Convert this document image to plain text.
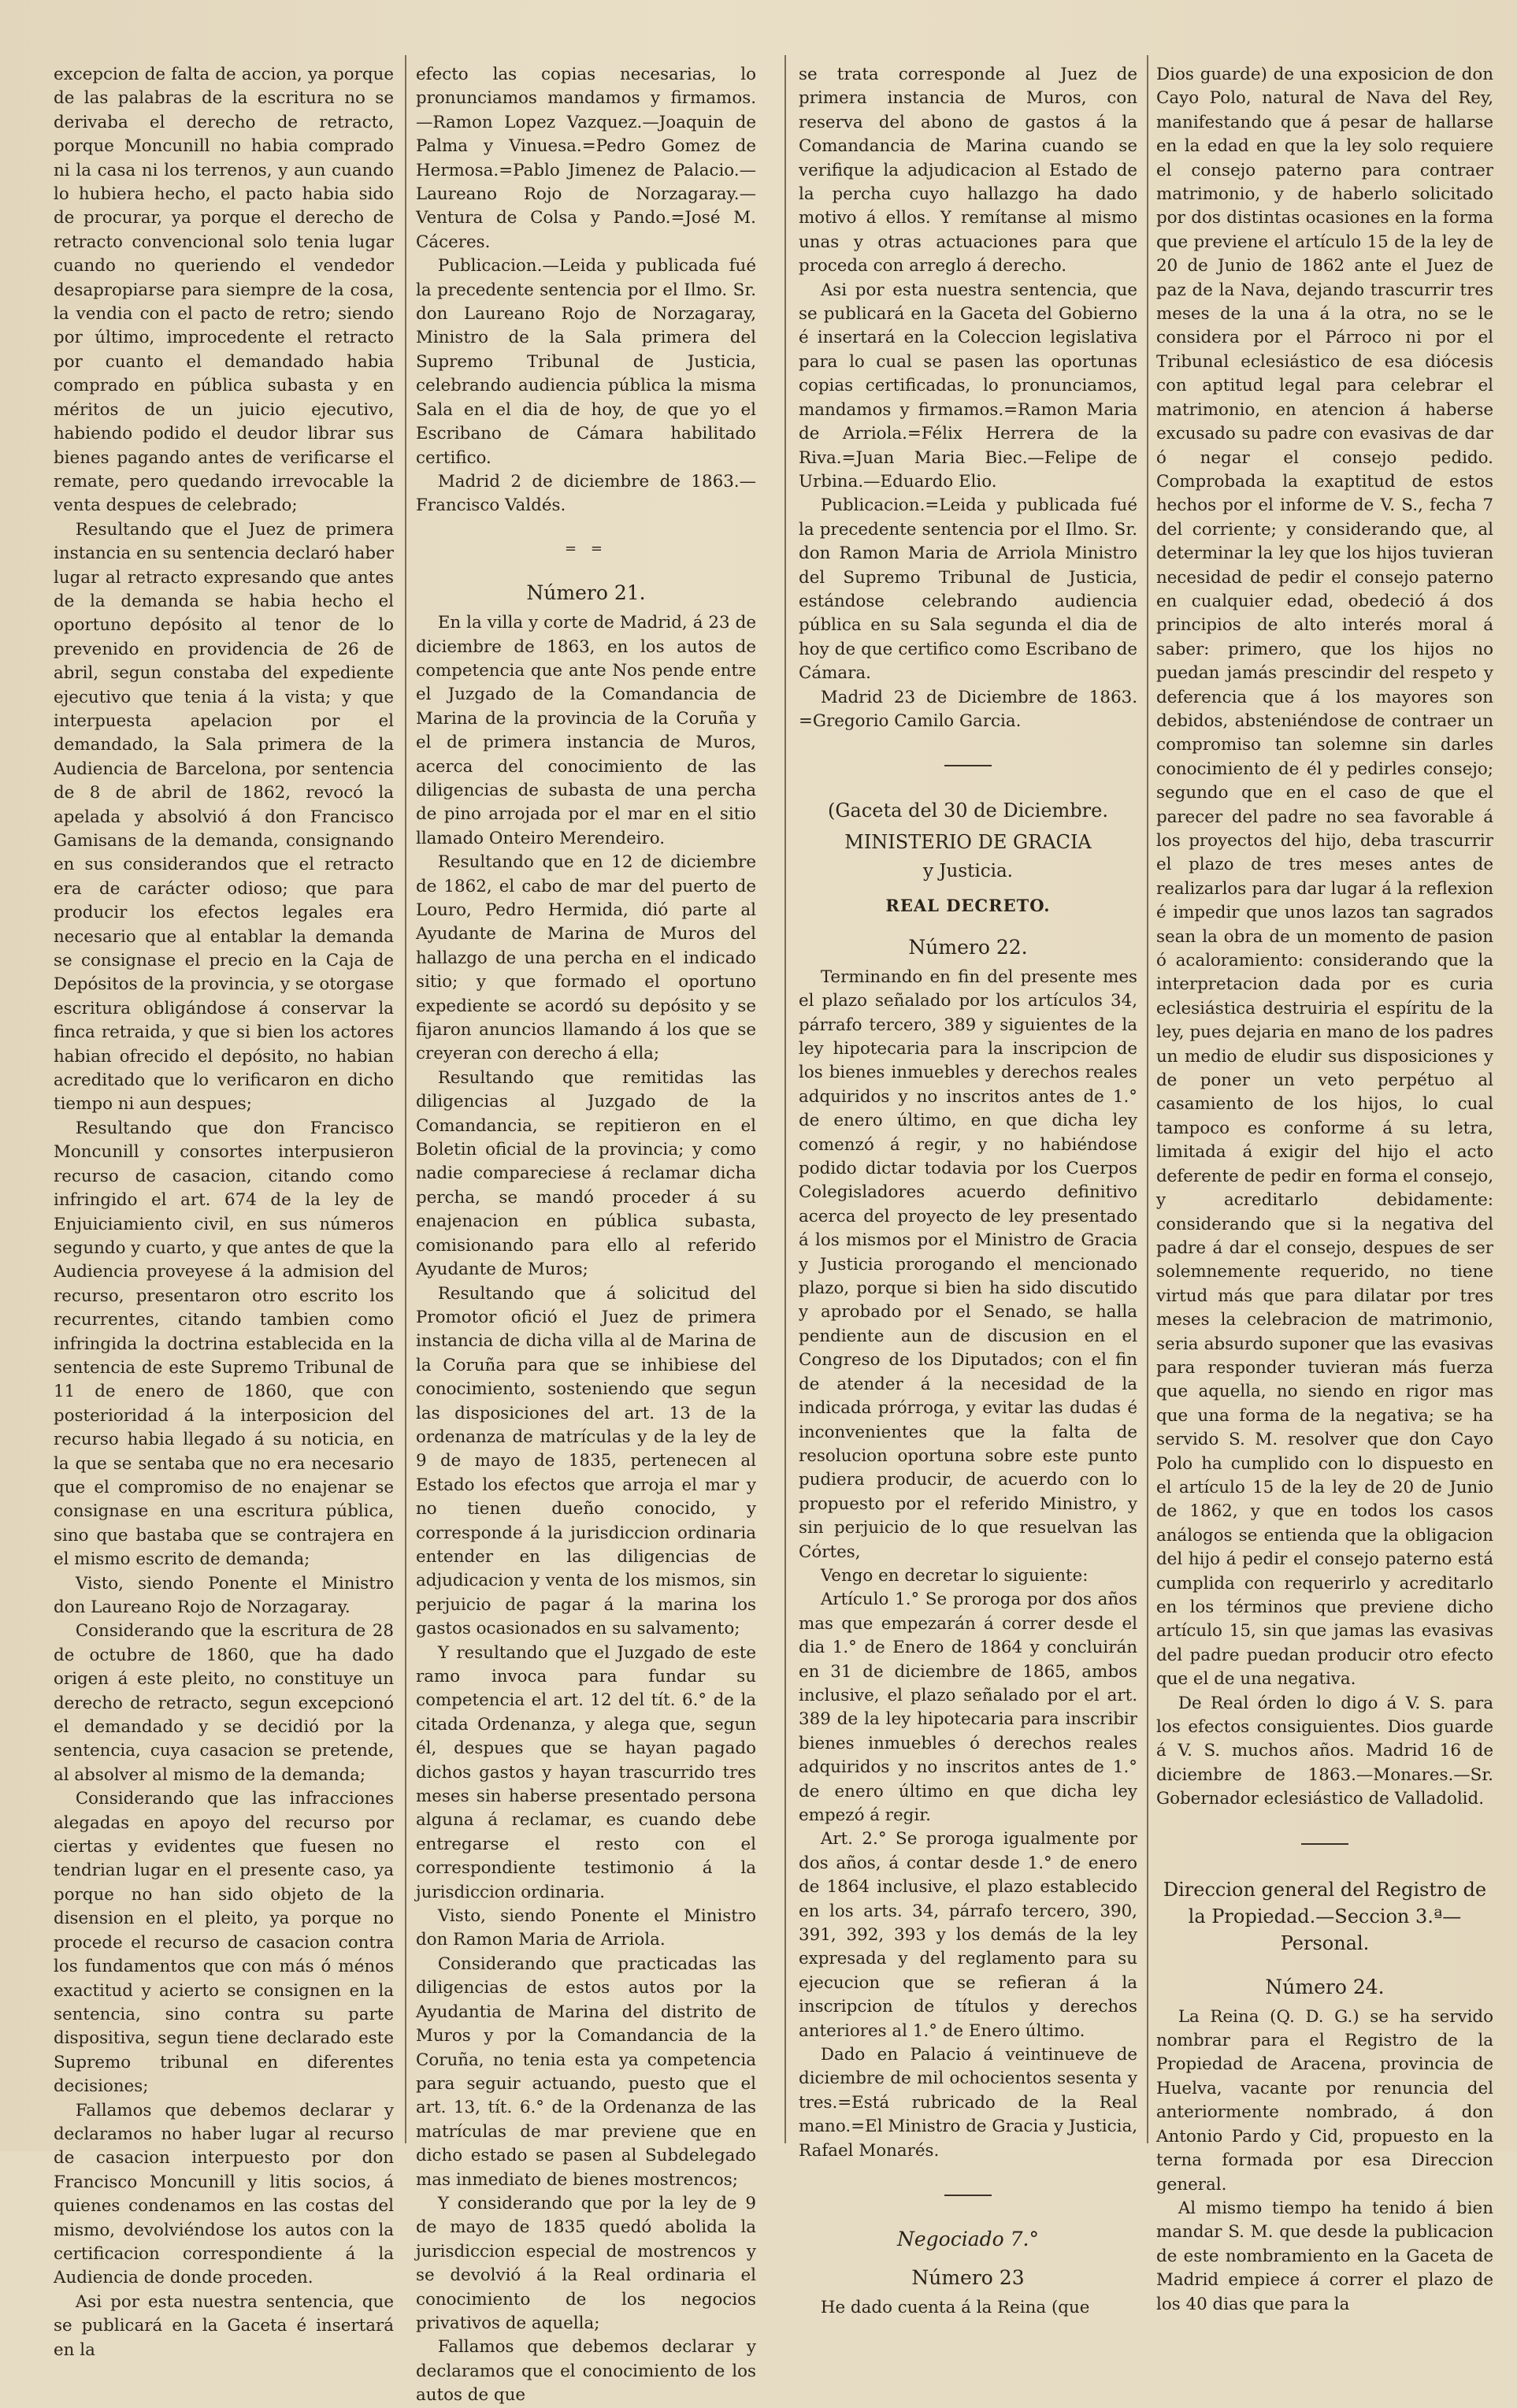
excepcion de falta de accion, ya porque de las palabras de la escritura no se derivaba el derecho de retracto, porque Moncunill no habia comprado ni la casa ni los terrenos, y aun cuando lo hubiera hecho, el pacto habia sido de procurar, ya porque el derecho de retracto convencional solo tenia lugar cuando no queriendo el vendedor desapropiarse para siempre de la cosa, la vendia con el pacto de retro; siendo por último, improcedente el retracto por cuanto el demandado habia comprado en pública subasta y en méritos de un juicio ejecutivo, habiendo podido el deudor librar sus bienes pagando antes de verificarse el remate, pero quedando irrevocable la venta despues de celebrado;

Resultando que el Juez de primera instancia en su sentencia declaró haber lugar al retracto expresando que antes de la demanda se habia hecho el oportuno depósito al tenor de lo prevenido en providencia de 26 de abril, segun constaba del expediente ejecutivo que tenia á la vista; y que interpuesta apelacion por el demandado, la Sala primera de la Audiencia de Barcelona, por sentencia de 8 de abril de 1862, revocó la apelada y absolvió á don Francisco Gamisans de la demanda, consignando en sus considerandos que el retracto era de carácter odioso; que para producir los efectos legales era necesario que al entablar la demanda se consignase el precio en la Caja de Depósitos de la provincia, y se otorgase escritura obligándose á conservar la finca retraida, y que si bien los actores habian ofrecido el depósito, no habian acreditado que lo verificaron en dicho tiempo ni aun despues;

Resultando que don Francisco Moncunill y consortes interpusieron recurso de casacion, citando como infringido el art. 674 de la ley de Enjuiciamiento civil, en sus números segundo y cuarto, y que antes de que la Audiencia proveyese á la admision del recurso, presentaron otro escrito los recurrentes, citando tambien como infringida la doctrina establecida en la sentencia de este Supremo Tribunal de 11 de enero de 1860, que con posterioridad á la interposicion del recurso habia llegado á su noticia, en la que se sentaba que no era necesario que el compromiso de no enajenar se consignase en una escritura pública, sino que bastaba que se contrajera en el mismo escrito de demanda;

Visto, siendo Ponente el Ministro don Laureano Rojo de Norzagaray.

Considerando que la escritura de 28 de octubre de 1860, que ha dado origen á este pleito, no constituye un derecho de retracto, segun excepcionó el demandado y se decidió por la sentencia, cuya casacion se pretende, al absolver al mismo de la demanda;

Considerando que las infracciones alegadas en apoyo del recurso por ciertas y evidentes que fuesen no tendrian lugar en el presente caso, ya porque no han sido objeto de la disension en el pleito, ya porque no procede el recurso de casacion contra los fundamentos que con más ó ménos exactitud y acierto se consignen en la sentencia, sino contra su parte dispositiva, segun tiene declarado este Supremo tribunal en diferentes decisiones;

Fallamos que debemos declarar y declaramos no haber lugar al recurso de casacion interpuesto por don Francisco Moncunill y litis socios, á quienes condenamos en las costas del mismo, devolviéndose los autos con la certificacion correspondiente á la Audiencia de donde proceden.

Asi por esta nuestra sentencia, que se publicará en la Gaceta é insertará en la

efecto las copias necesarias, lo pronunciamos mandamos y firmamos.—Ramon Lopez Vazquez.—Joaquin de Palma y Vinuesa.=Pedro Gomez de Hermosa.=Pablo Jimenez de Palacio.—Laureano Rojo de Norzagaray.—Ventura de Colsa y Pando.=José M. Cáceres.

Publicacion.—Leida y publicada fué la precedente sentencia por el Ilmo. Sr. don Laureano Rojo de Norzagaray, Ministro de la Sala primera del Supremo Tribunal de Justicia, celebrando audiencia pública la misma Sala en el dia de hoy, de que yo el Escribano de Cámara habilitado certifico.

Madrid 2 de diciembre de 1863.—Francisco Valdés.

= =

Número 21.

En la villa y corte de Madrid, á 23 de diciembre de 1863, en los autos de competencia que ante Nos pende entre el Juzgado de la Comandancia de Marina de la provincia de la Coruña y el de primera instancia de Muros, acerca del conocimiento de las diligencias de subasta de una percha de pino arrojada por el mar en el sitio llamado Onteiro Merendeiro.

Resultando que en 12 de diciembre de 1862, el cabo de mar del puerto de Louro, Pedro Hermida, dió parte al Ayudante de Marina de Muros del hallazgo de una percha en el indicado sitio; y que formado el oportuno expediente se acordó su depósito y se fijaron anuncios llamando á los que se creyeran con derecho á ella;

Resultando que remitidas las diligencias al Juzgado de la Comandancia, se repitieron en el Boletin oficial de la provincia; y como nadie compareciese á reclamar dicha percha, se mandó proceder á su enajenacion en pública subasta, comisionando para ello al referido Ayudante de Muros;

Resultando que á solicitud del Promotor ofició el Juez de primera instancia de dicha villa al de Marina de la Coruña para que se inhibiese del conocimiento, sosteniendo que segun las disposiciones del art. 13 de la ordenanza de matrículas y de la ley de 9 de mayo de 1835, pertenecen al Estado los efectos que arroja el mar y no tienen dueño conocido, y corresponde á la jurisdiccion ordinaria entender en las diligencias de adjudicacion y venta de los mismos, sin perjuicio de pagar á la marina los gastos ocasionados en su salvamento;

Y resultando que el Juzgado de este ramo invoca para fundar su competencia el art. 12 del tít. 6.° de la citada Ordenanza, y alega que, segun él, despues que se hayan pagado dichos gastos y hayan trascurrido tres meses sin haberse presentado persona alguna á reclamar, es cuando debe entregarse el resto con el correspondiente testimonio á la jurisdiccion ordinaria.

Visto, siendo Ponente el Ministro don Ramon Maria de Arriola.

Considerando que practicadas las diligencias de estos autos por la Ayudantia de Marina del distrito de Muros y por la Comandancia de la Coruña, no tenia esta ya competencia para seguir actuando, puesto que el art. 13, tít. 6.° de la Ordenanza de las matrículas de mar previene que en dicho estado se pasen al Subdelegado mas inmediato de bienes mostrencos;

Y considerando que por la ley de 9 de mayo de 1835 quedó abolida la jurisdiccion especial de mostrencos y se devolvió á la Real ordinaria el conocimiento de los negocios privativos de aquella;

Fallamos que debemos declarar y declaramos que el conocimiento de los autos de que

se trata corresponde al Juez de primera instancia de Muros, con reserva del abono de gastos á la Comandancia de Marina cuando se verifique la adjudicacion al Estado de la percha cuyo hallazgo ha dado motivo á ellos. Y remítanse al mismo unas y otras actuaciones para que proceda con arreglo á derecho.

Asi por esta nuestra sentencia, que se publicará en la Gaceta del Gobierno é insertará en la Coleccion legislativa para lo cual se pasen las oportunas copias certificadas, lo pronunciamos, mandamos y firmamos.=Ramon Maria de Arriola.=Félix Herrera de la Riva.=Juan Maria Biec.—Felipe de Urbina.—Eduardo Elio.

Publicacion.=Leida y publicada fué la precedente sentencia por el Ilmo. Sr. don Ramon Maria de Arriola Ministro del Supremo Tribunal de Justicia, estándose celebrando audiencia pública en su Sala segunda el dia de hoy de que certifico como Escribano de Cámara.

Madrid 23 de Diciembre de 1863. =Gregorio Camilo Garcia.

(Gaceta del 30 de Diciembre.

MINISTERIO DE GRACIA

y Justicia.

REAL DECRETO.

Número 22.

Terminando en fin del presente mes el plazo señalado por los artículos 34, párrafo tercero, 389 y siguientes de la ley hipotecaria para la inscripcion de los bienes inmuebles y derechos reales adquiridos y no inscritos antes de 1.° de enero último, en que dicha ley comenzó á regir, y no habiéndose podido dictar todavia por los Cuerpos Colegisladores acuerdo definitivo acerca del proyecto de ley presentado á los mismos por el Ministro de Gracia y Justicia prorogando el mencionado plazo, porque si bien ha sido discutido y aprobado por el Senado, se halla pendiente aun de discusion en el Congreso de los Diputados; con el fin de atender á la necesidad de la indicada prórroga, y evitar las dudas é inconvenientes que la falta de resolucion oportuna sobre este punto pudiera producir, de acuerdo con lo propuesto por el referido Ministro, y sin perjuicio de lo que resuelvan las Córtes,

Vengo en decretar lo siguiente:

Artículo 1.° Se proroga por dos años mas que empezarán á correr desde el dia 1.° de Enero de 1864 y concluirán en 31 de diciembre de 1865, ambos inclusive, el plazo señalado por el art. 389 de la ley hipotecaria para inscribir bienes inmuebles ó derechos reales adquiridos y no inscritos antes de 1.° de enero último en que dicha ley empezó á regir.

Art. 2.° Se proroga igualmente por dos años, á contar desde 1.° de enero de 1864 inclusive, el plazo establecido en los arts. 34, párrafo tercero, 390, 391, 392, 393 y los demás de la ley expresada y del reglamento para su ejecucion que se refieran á la inscripcion de títulos y derechos anteriores al 1.° de Enero último.

Dado en Palacio á veintinueve de diciembre de mil ochocientos sesenta y tres.=Está rubricado de la Real mano.=El Ministro de Gracia y Justicia, Rafael Monarés.

Negociado 7.°

Número 23

He dado cuenta á la Reina (que

Dios guarde) de una exposicion de don Cayo Polo, natural de Nava del Rey, manifestando que á pesar de hallarse en la edad en que la ley solo requiere el consejo paterno para contraer matrimonio, y de haberlo solicitado por dos distintas ocasiones en la forma que previene el artículo 15 de la ley de 20 de Junio de 1862 ante el Juez de paz de la Nava, dejando trascurrir tres meses de la una á la otra, no se le considera por el Párroco ni por el Tribunal eclesiástico de esa diócesis con aptitud legal para celebrar el matrimonio, en atencion á haberse excusado su padre con evasivas de dar ó negar el consejo pedido. Comprobada la exaptitud de estos hechos por el informe de V. S., fecha 7 del corriente; y considerando que, al determinar la ley que los hijos tuvieran necesidad de pedir el consejo paterno en cualquier edad, obedeció á dos principios de alto interés moral á saber: primero, que los hijos no puedan jamás prescindir del respeto y deferencia que á los mayores son debidos, absteniéndose de contraer un compromiso tan solemne sin darles conocimiento de él y pedirles consejo; segundo que en el caso de que el parecer del padre no sea favorable á los proyectos del hijo, deba trascurrir el plazo de tres meses antes de realizarlos para dar lugar á la reflexion é impedir que unos lazos tan sagrados sean la obra de un momento de pasion ó acaloramiento: considerando que la interpretacion dada por es curia eclesiástica destruiria el espíritu de la ley, pues dejaria en mano de los padres un medio de eludir sus disposiciones y de poner un veto perpétuo al casamiento de los hijos, lo cual tampoco es conforme á su letra, limitada á exigir del hijo el acto deferente de pedir en forma el consejo, y acreditarlo debidamente: considerando que si la negativa del padre á dar el consejo, despues de ser solemnemente requerido, no tiene virtud más que para dilatar por tres meses la celebracion de matrimonio, seria absurdo suponer que las evasivas para responder tuvieran más fuerza que aquella, no siendo en rigor mas que una forma de la negativa; se ha servido S. M. resolver que don Cayo Polo ha cumplido con lo dispuesto en el artículo 15 de la ley de 20 de Junio de 1862, y que en todos los casos análogos se entienda que la obligacion del hijo á pedir el consejo paterno está cumplida con requerirlo y acreditarlo en los términos que previene dicho artículo 15, sin que jamas las evasivas del padre puedan producir otro efecto que el de una negativa.

De Real órden lo digo á V. S. para los efectos consiguientes. Dios guarde á V. S. muchos años. Madrid 16 de diciembre de 1863.—Monares.—Sr. Gobernador eclesiástico de Valladolid.

Direccion general del Registro de la Propiedad.—Seccion 3.ª—Personal.

Número 24.

La Reina (Q. D. G.) se ha servido nombrar para el Registro de la Propiedad de Aracena, provincia de Huelva, vacante por renuncia del anteriormente nombrado, á don Antonio Pardo y Cid, propuesto en la terna formada por esa Direccion general.

Al mismo tiempo ha tenido á bien mandar S. M. que desde la publicacion de este nombramiento en la Gaceta de Madrid empiece á correr el plazo de los 40 dias que para la
